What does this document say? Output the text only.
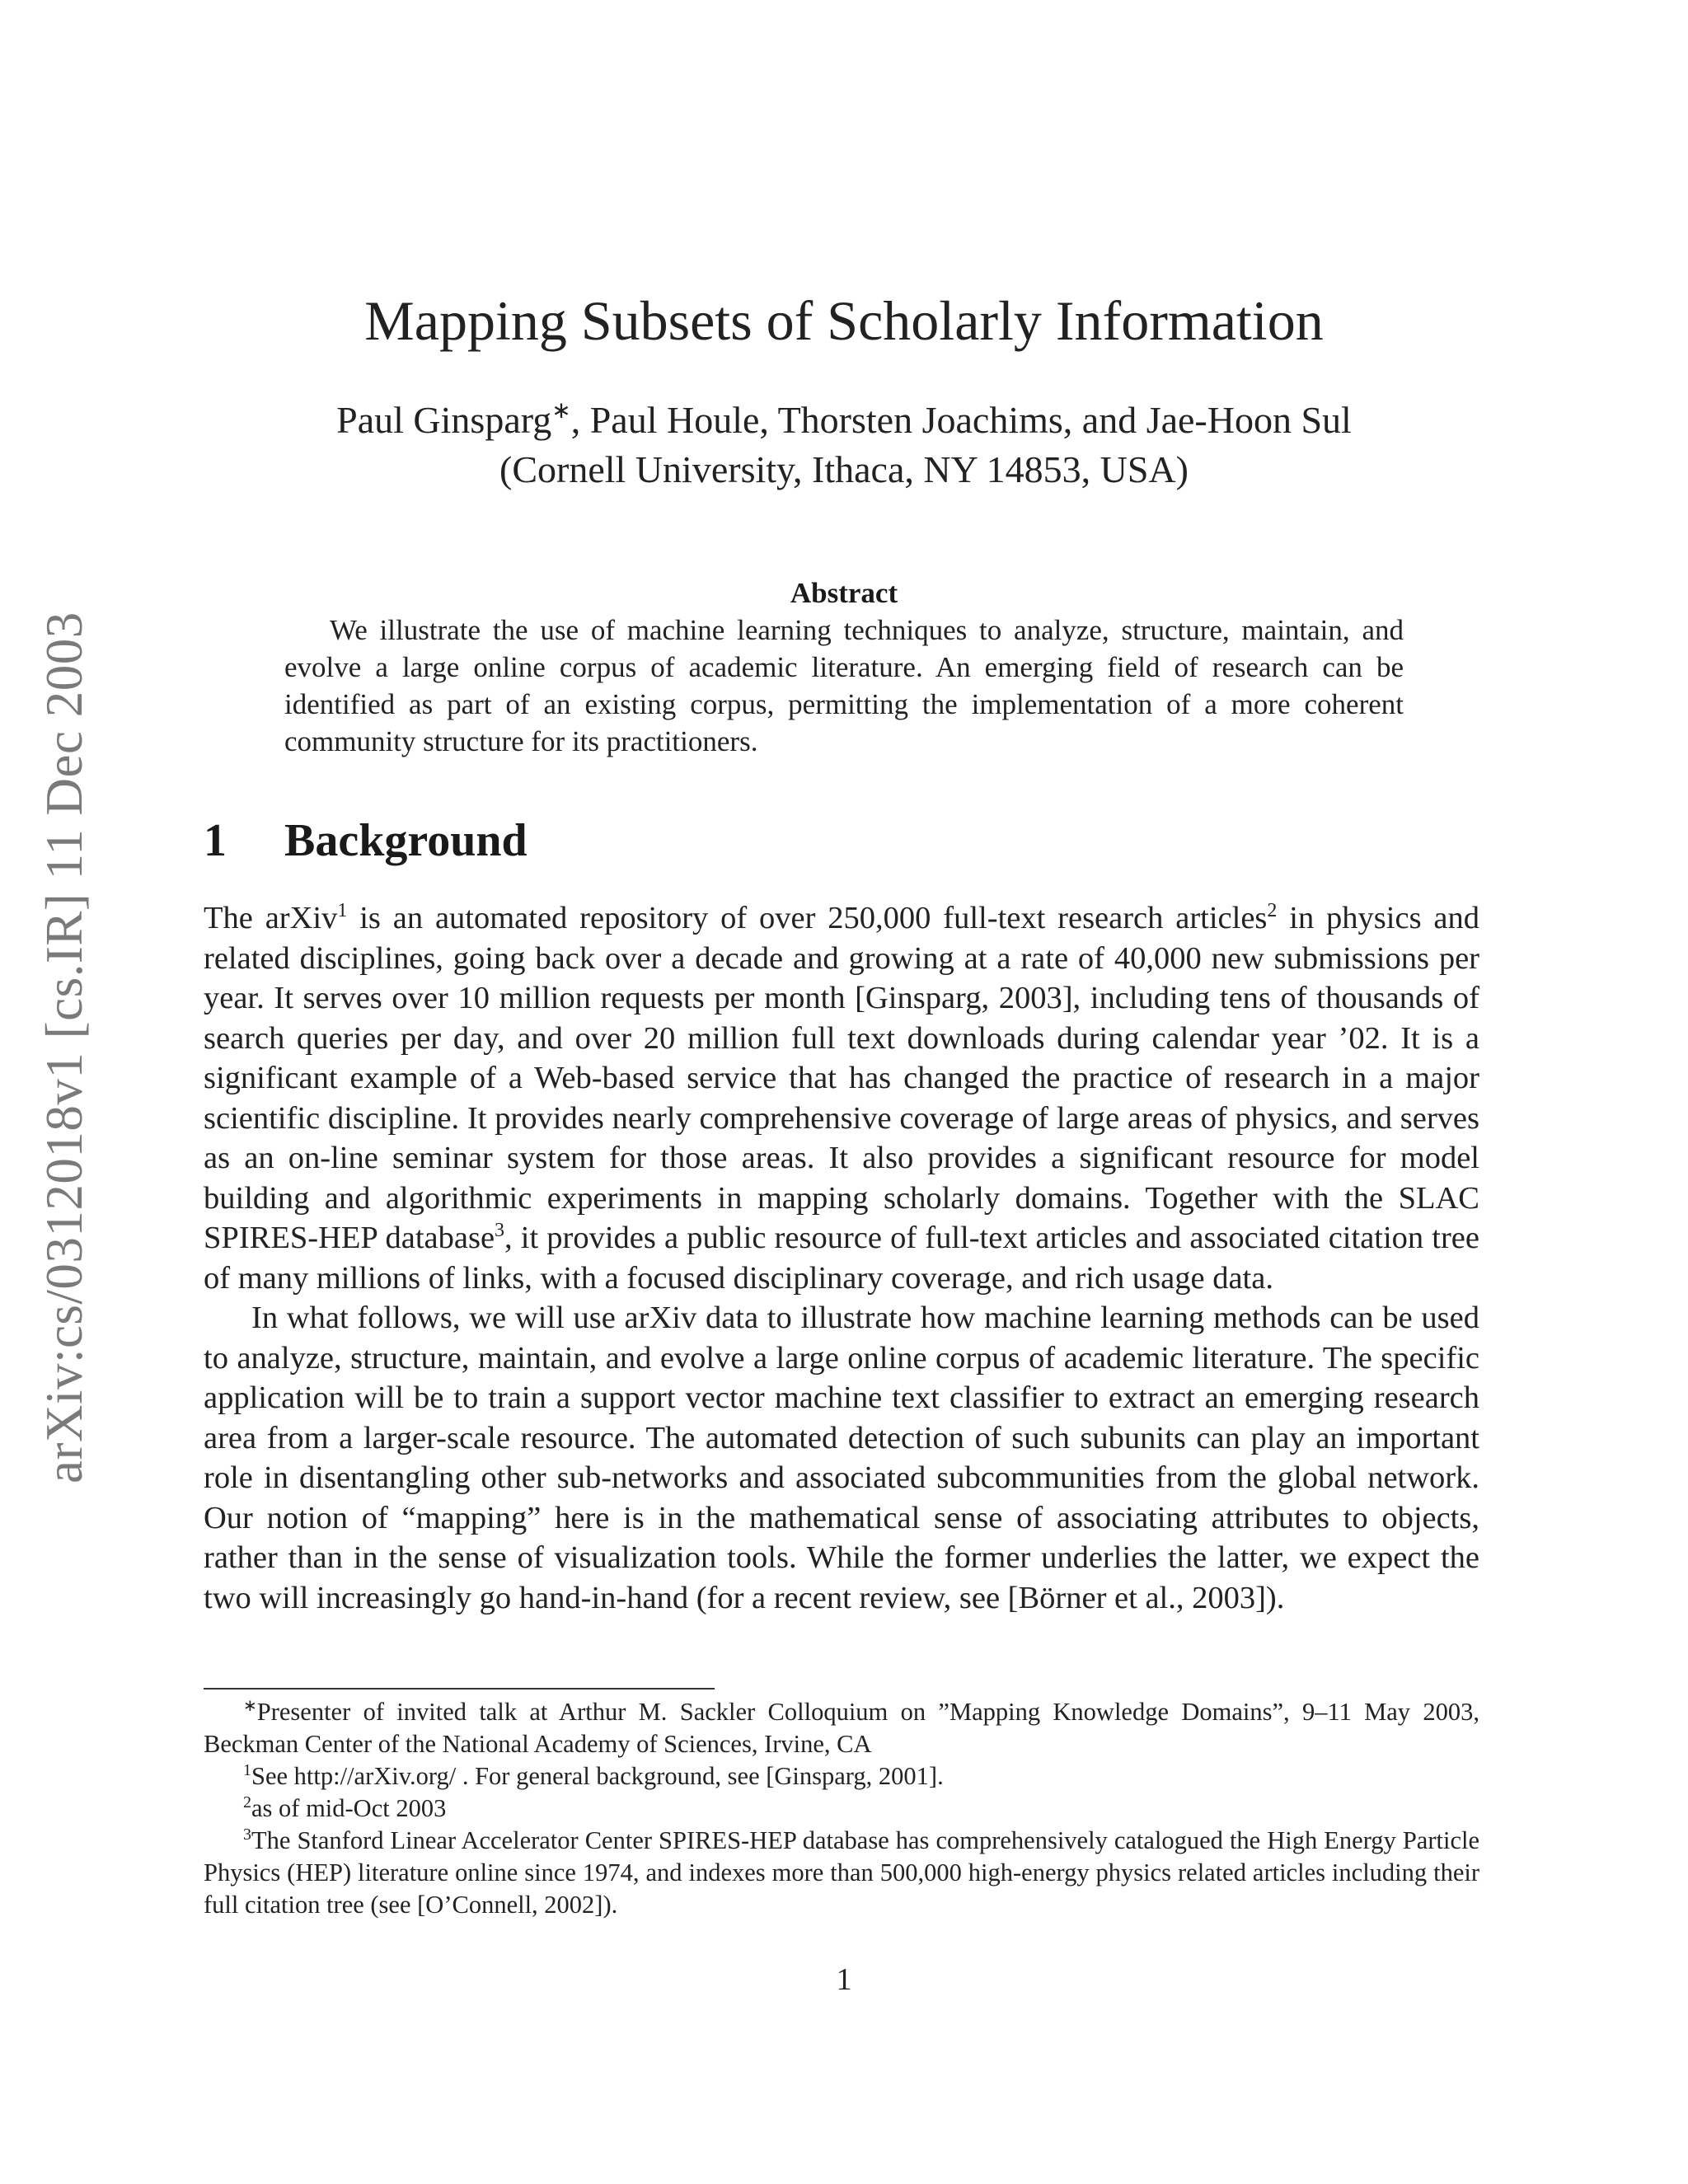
arXiv:cs/0312018v1 [cs.IR] 11 Dec 2003
Mapping Subsets of Scholarly Information
Paul Ginsparg∗, Paul Houle, Thorsten Joachims, and Jae-Hoon Sul
(Cornell University, Ithaca, NY 14853, USA)
Abstract
We illustrate the use of machine learning techniques to analyze, structure, maintain, and evolve a large online corpus of academic literature. An emerging field of research can be identified as part of an existing corpus, permitting the implementation of a more coherent community structure for its practitioners.
1 Background

The arXiv$^1$ is an automated repository of over 250,000 full-text research articles$^2$ in physics and related disciplines, going back over a decade and growing at a rate of 40,000 new submissions per year. It serves over 10 million requests per month [Ginsparg, 2003], including tens of thousands of search queries per day, and over 20 million full text downloads during calendar year ’02. It is a significant example of a Web-based service that has changed the practice of research in a major scientific discipline. It provides nearly comprehensive coverage of large areas of physics, and serves as an on-line seminar system for those areas. It also provides a significant resource for model building and algorithmic experiments in mapping scholarly domains. Together with the SLAC SPIRES-HEP database$^3$, it provides a public resource of full-text articles and associated citation tree of many millions of links, with a focused disciplinary coverage, and rich usage data.

In what follows, we will use arXiv data to illustrate how machine learning methods can be used to analyze, structure, maintain, and evolve a large online corpus of academic literature. The specific application will be to train a support vector machine text classifier to extract an emerging research area from a larger-scale resource. The automated detection of such subunits can play an important role in disentangling other sub-networks and associated subcommunities from the global network. Our notion of “mapping” here is in the mathematical sense of associating attributes to objects, rather than in the sense of visualization tools. While the former underlies the latter, we expect the two will increasingly go hand-in-hand (for a recent review, see [Börner et al., 2003]).

∗Presenter of invited talk at Arthur M. Sackler Colloquium on ”Mapping Knowledge Domains”, 9–11 May 2003, Beckman Center of the National Academy of Sciences, Irvine, CA

$^1$See http://arXiv.org/ . For general background, see [Ginsparg, 2001].

$^2$as of mid-Oct 2003

$^3$The Stanford Linear Accelerator Center SPIRES-HEP database has comprehensively catalogued the High Energy Particle Physics (HEP) literature online since 1974, and indexes more than 500,000 high-energy physics related articles including their full citation tree (see [O’Connell, 2002]).

1
